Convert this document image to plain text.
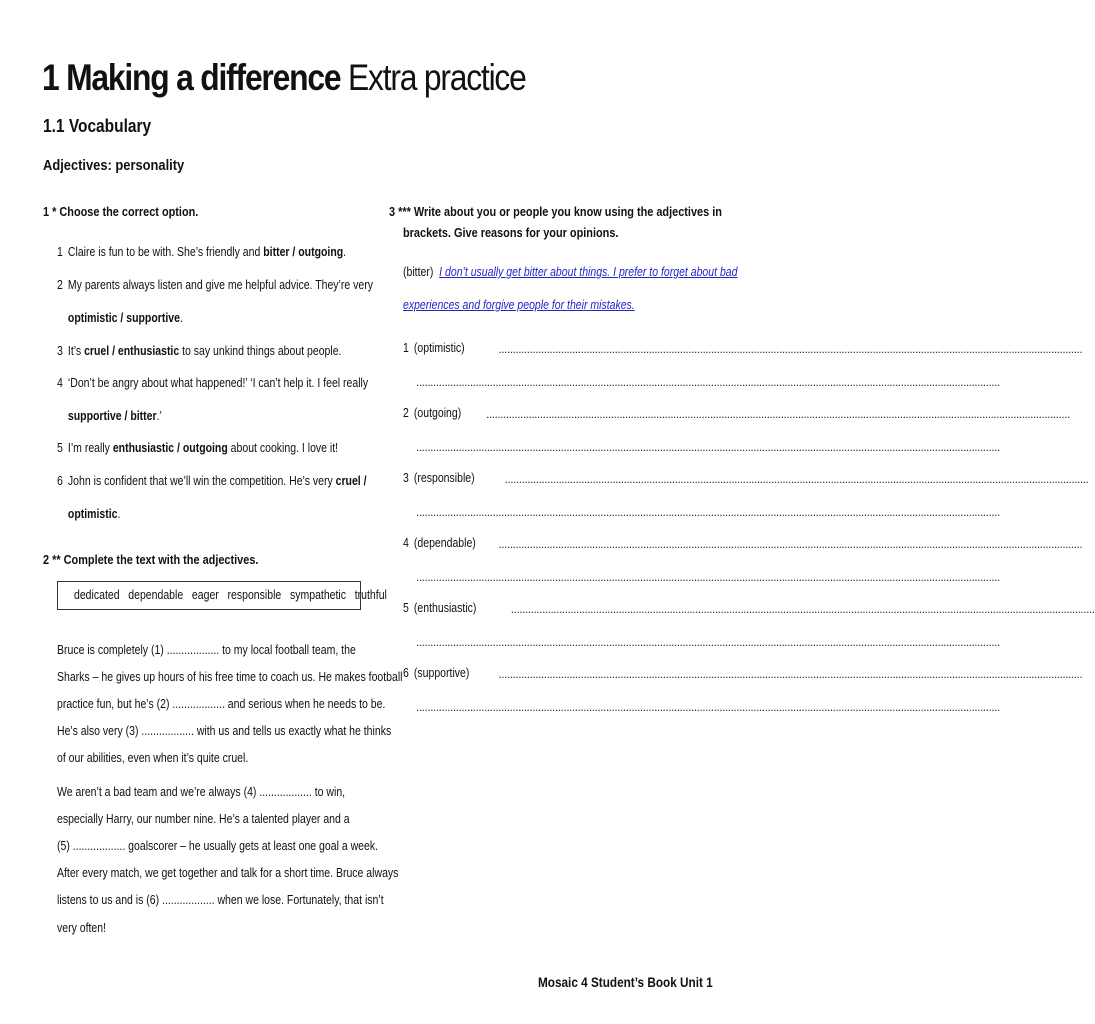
1 Making a difference Extra practice
1.1 Vocabulary
Adjectives: personality
1 * Choose the correct option.
1 Claire is fun to be with. She’s friendly and bitter / outgoing.
2 My parents always listen and give me helpful advice. They’re very
optimistic / supportive.
3 It’s cruel / enthusiastic to say unkind things about people.
4 ‘Don’t be angry about what happened!’ ‘I can’t help it. I feel really
supportive / bitter.’
5 I’m really enthusiastic / outgoing about cooking. I love it!
6 John is confident that we’ll win the competition. He’s very cruel /
optimistic.
2 ** Complete the text with the adjectives.
dedicated   dependable   eager   responsible   sympathetic   truthful
Bruce is completely (1) .................. to my local football team, the
Sharks – he gives up hours of his free time to coach us. He makes football
practice fun, but he’s (2) .................. and serious when he needs to be.
He’s also very (3) .................. with us and tells us exactly what he thinks
of our abilities, even when it’s quite cruel.
We aren’t a bad team and we’re always (4) .................. to win,
especially Harry, our number nine. He’s a talented player and a
(5) .................. goalscorer – he usually gets at least one goal a week.
After every match, we get together and talk for a short time. Bruce always
listens to us and is (6) .................. when we lose. Fortunately, that isn’t
very often!
3 *** Write about you or people you know using the adjectives in
brackets. Give reasons for your opinions.
(bitter) I don’t usually get bitter about things. I prefer to forget about bad
experiences and forgive people for their mistakes.
1 (optimistic)	..............................................................................................................................................................................................................
..............................................................................................................................................................................................................
2 (outgoing) ..............................................................................................................................................................................................................
..............................................................................................................................................................................................................
3 (responsible) ..............................................................................................................................................................................................................
..............................................................................................................................................................................................................
4 (dependable) ..............................................................................................................................................................................................................
..............................................................................................................................................................................................................
5 (enthusiastic)	..............................................................................................................................................................................................................
..............................................................................................................................................................................................................
6 (supportive) ..............................................................................................................................................................................................................
..............................................................................................................................................................................................................
Mosaic 4 Student’s Book Unit 1
